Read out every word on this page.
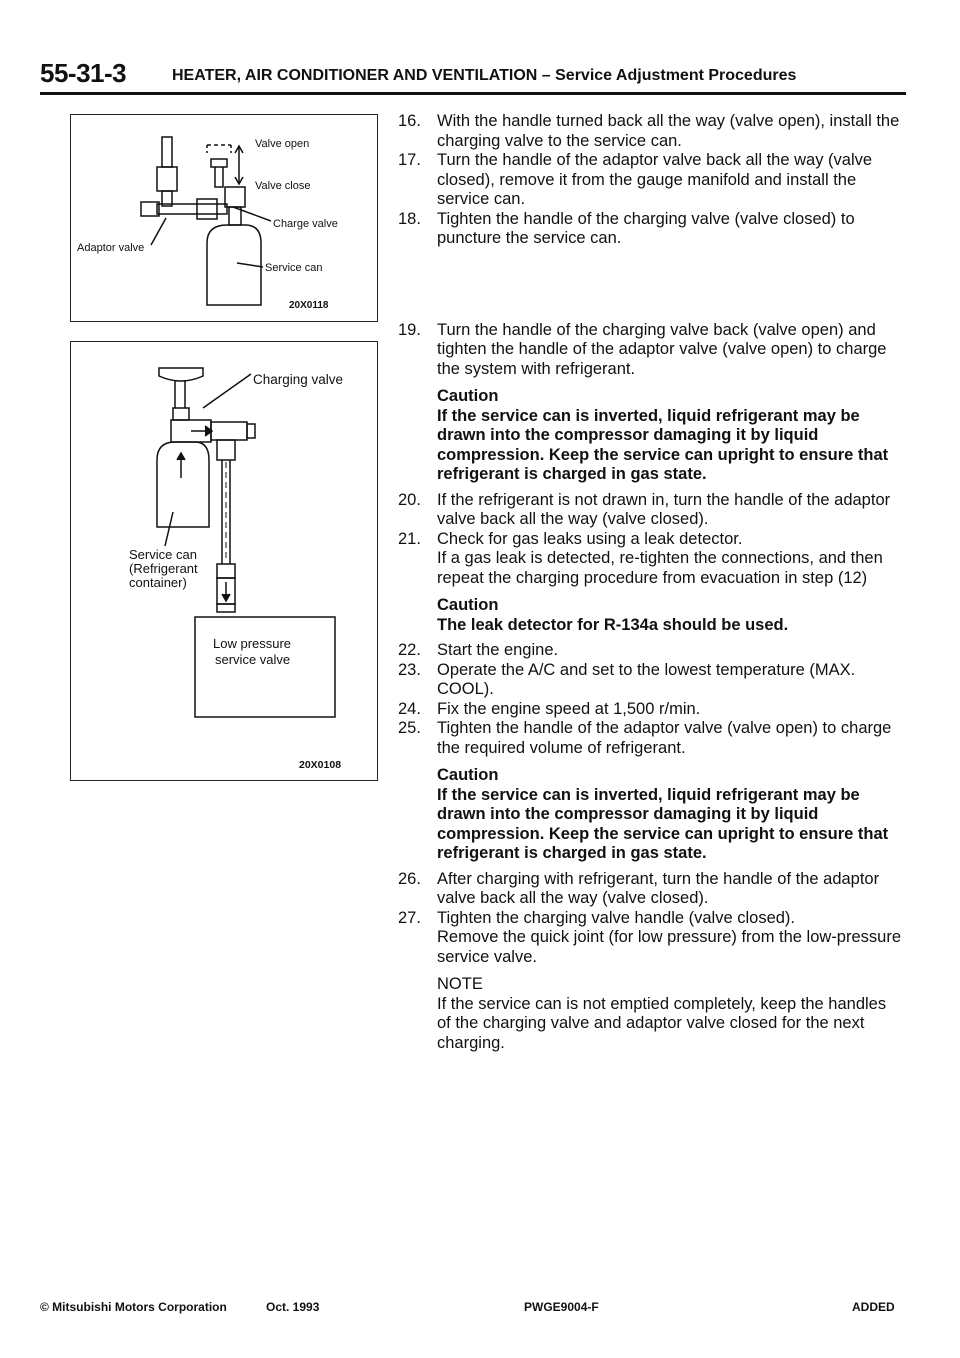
55-31-3	HEATER, AIR CONDITIONER AND VENTILATION – Service Adjustment Procedures
Valve open
Valve close
Charge valve
Adaptor valve
Service can
20X0118
Charging valve
Service can
(Refrigerant
container)
Low pressure
service valve
20X0108
16. With the handle turned back all the way (valve open), install the charging valve to the service can.

17. Turn the handle of the adaptor valve back all the way (valve closed), remove it from the gauge manifold and install the service can.

18. Tighten the handle of the charging valve (valve closed) to puncture the service can.

19. Turn the handle of the charging valve back (valve open) and tighten the handle of the adaptor valve (valve open) to charge the system with refrigerant.

Caution

If the service can is inverted, liquid refrigerant may be drawn into the compressor damaging it by liquid compression. Keep the service can upright to ensure that refrigerant is charged in gas state.

20. If the refrigerant is not drawn in, turn the handle of the adaptor valve back all the way (valve closed).

21. Check for gas leaks using a leak detector.

If a gas leak is detected, re-tighten the connections, and then repeat the charging procedure from evacuation in step (12)

Caution

The leak detector for R-134a should be used.

22. Start the engine.

23. Operate the A/C and set to the lowest temperature (MAX. COOL).

24. Fix the engine speed at 1,500 r/min.

25. Tighten the handle of the adaptor valve (valve open) to charge the required volume of refrigerant.

Caution

If the service can is inverted, liquid refrigerant may be drawn into the compressor damaging it by liquid compression. Keep the service can upright to ensure that refrigerant is charged in gas state.

26. After charging with refrigerant, turn the handle of the adaptor valve back all the way (valve closed).

27. Tighten the charging valve handle (valve closed).

Remove the quick joint (for low pressure) from the low-pressure service valve.

NOTE

If the service can is not emptied completely, keep the handles of the charging valve and adaptor valve closed for the next charging.

© Mitsubishi Motors Corporation	Oct. 1993	PWGE9004-F	ADDED
